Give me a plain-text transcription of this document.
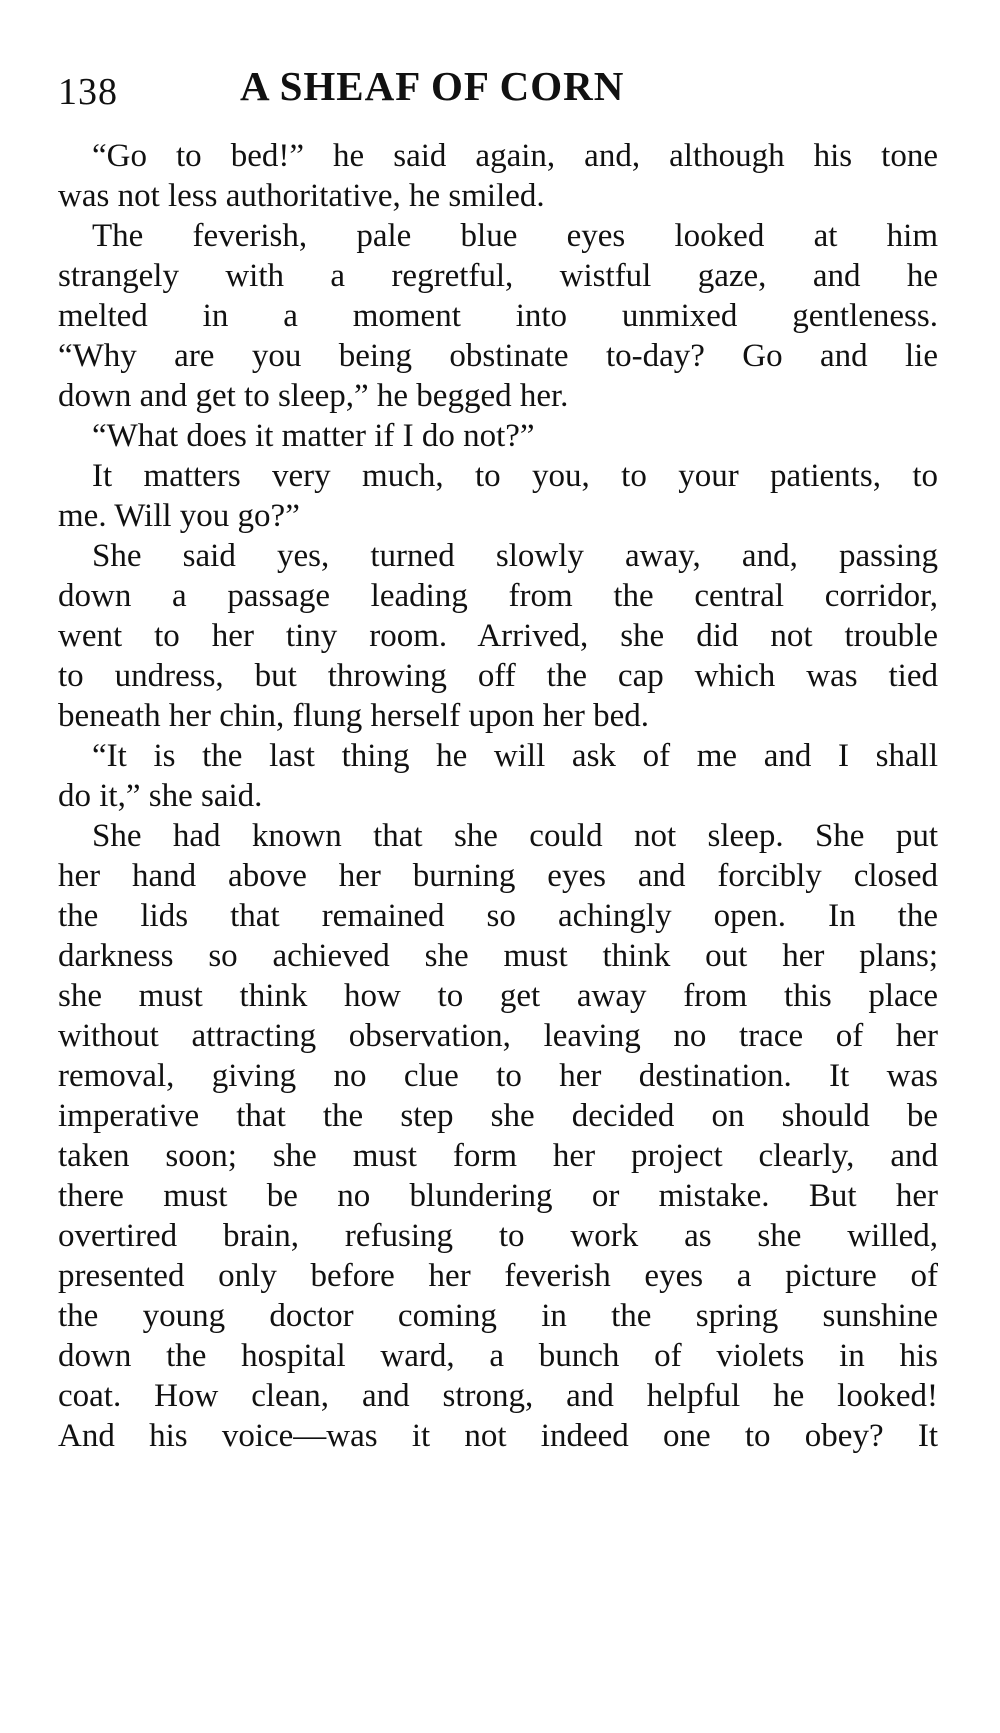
138	A SHEAF OF CORN
“Go to bed!” he said again, and, although his tone
was not less authoritative, he smiled.
The feverish, pale blue eyes looked at him
strangely with a regretful, wistful gaze, and he
melted in a moment into unmixed gentleness.
“Why are you being obstinate to-day? Go and lie
down and get to sleep,” he begged her.
“What does it matter if I do not?”
It matters very much, to you, to your patients, to
me. Will you go?”
She said yes, turned slowly away, and, passing
down a passage leading from the central corridor,
went to her tiny room. Arrived, she did not trouble
to undress, but throwing off the cap which was tied
beneath her chin, flung herself upon her bed.
“It is the last thing he will ask of me and I shall
do it,” she said.
She had known that she could not sleep. She put
her hand above her burning eyes and forcibly closed
the lids that remained so achingly open. In the
darkness so achieved she must think out her plans;
she must think how to get away from this place
without attracting observation, leaving no trace of her
removal, giving no clue to her destination. It was
imperative that the step she decided on should be
taken soon; she must form her project clearly, and
there must be no blundering or mistake. But her
overtired brain, refusing to work as she willed,
presented only before her feverish eyes a picture of
the young doctor coming in the spring sunshine
down the hospital ward, a bunch of violets in his
coat. How clean, and strong, and helpful he looked!
And his voice—was it not indeed one to obey? It
